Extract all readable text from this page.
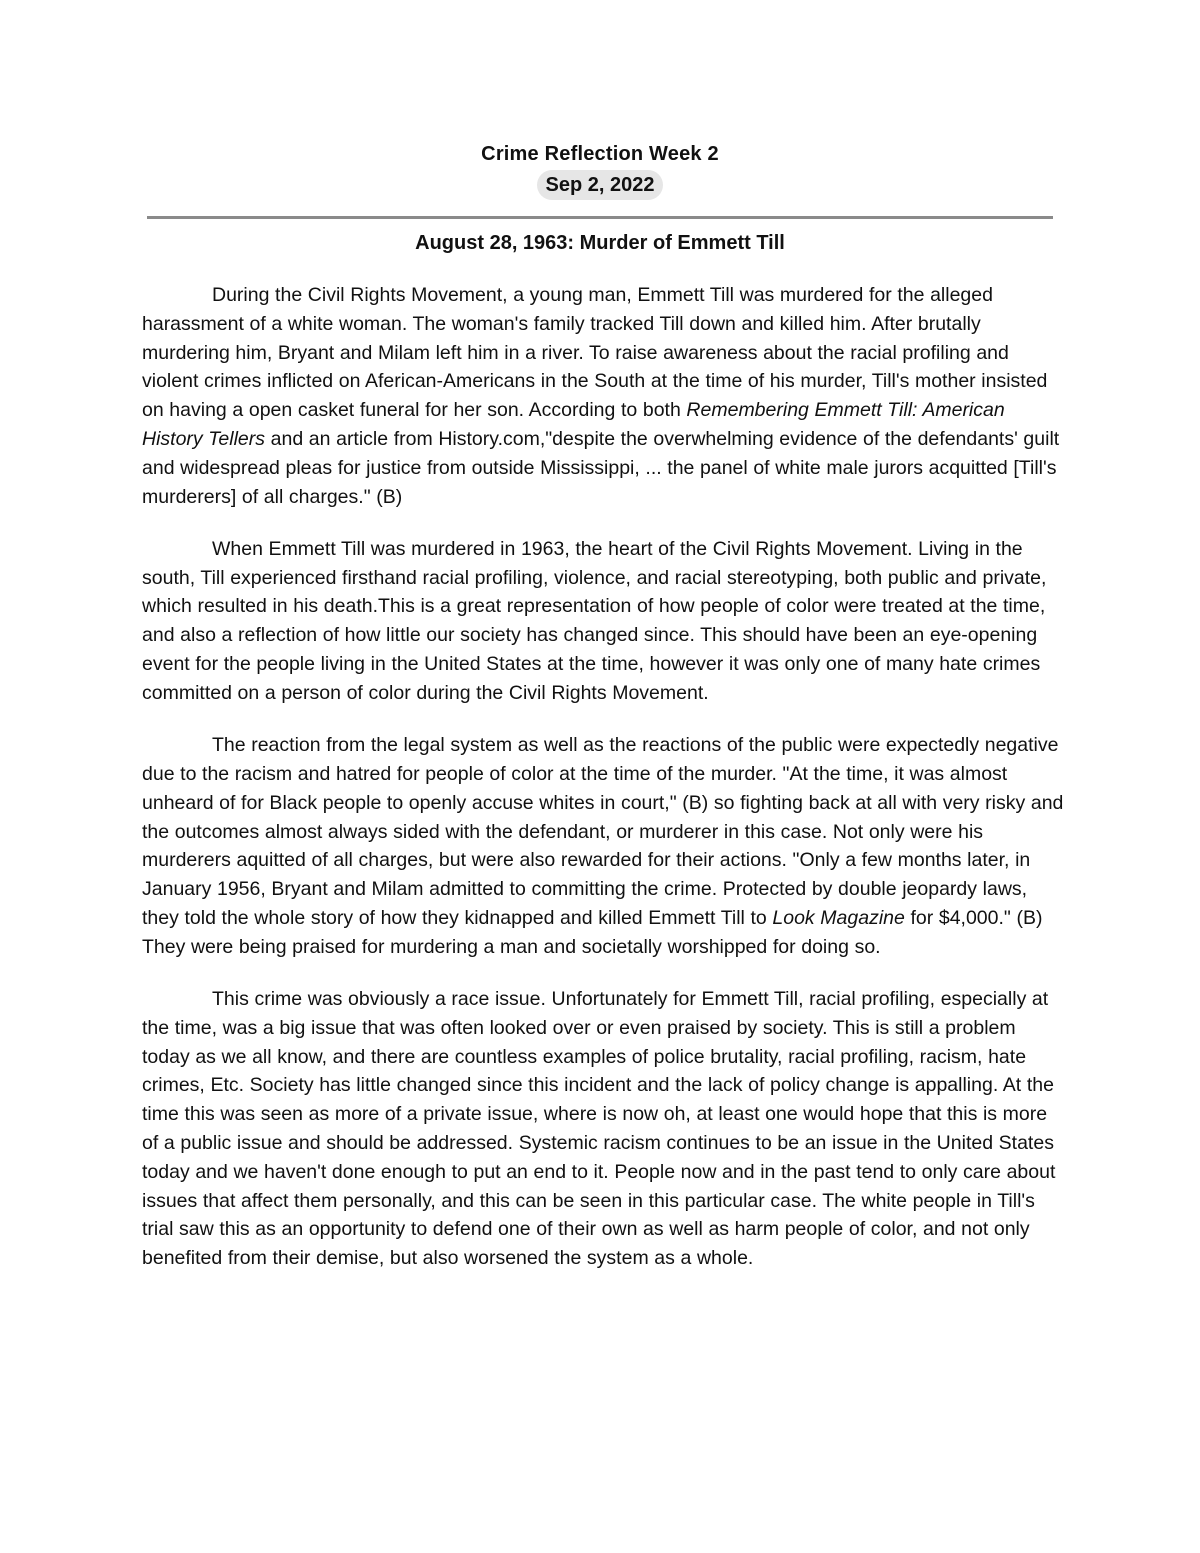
Crime Reflection Week 2
Sep 2, 2022
August 28, 1963: Murder of Emmett Till

During the Civil Rights Movement, a young man, Emmett Till was murdered for the alleged harassment of a white woman. The woman's family tracked Till down and killed him. After brutally murdering him, Bryant and Milam left him in a river. To raise awareness about the racial profiling and violent crimes inflicted on Aferican-Americans in the South at the time of his murder, Till's mother insisted on having a open casket funeral for her son. According to both Remembering Emmett Till: American History Tellers and an article from History.com,"despite the overwhelming evidence of the defendants' guilt and widespread pleas for justice from outside Mississippi, ... the panel of white male jurors acquitted [Till's murderers] of all charges." (B)

When Emmett Till was murdered in 1963, the heart of the Civil Rights Movement. Living in the south, Till experienced firsthand racial profiling, violence, and racial stereotyping, both public and private, which resulted in his death.This is a great representation of how people of color were treated at the time, and also a reflection of how little our society has changed since. This should have been an eye-opening event for the people living in the United States at the time, however it was only one of many hate crimes committed on a person of color during the Civil Rights Movement.

The reaction from the legal system as well as the reactions of the public were expectedly negative due to the racism and hatred for people of color at the time of the murder. "At the time, it was almost unheard of for Black people to openly accuse whites in court," (B) so fighting back at all with very risky and the outcomes almost always sided with the defendant, or murderer in this case. Not only were his murderers aquitted of all charges, but were also rewarded for their actions. "Only a few months later, in January 1956, Bryant and Milam admitted to committing the crime. Protected by double jeopardy laws, they told the whole story of how they kidnapped and killed Emmett Till to Look Magazine for $4,000." (B) They were being praised for murdering a man and societally worshipped for doing so.

This crime was obviously a race issue. Unfortunately for Emmett Till, racial profiling, especially at the time, was a big issue that was often looked over or even praised by society. This is still a problem today as we all know, and there are countless examples of police brutality, racial profiling, racism, hate crimes, Etc. Society has little changed since this incident and the lack of policy change is appalling. At the time this was seen as more of a private issue, where is now oh, at least one would hope that this is more of a public issue and should be addressed. Systemic racism continues to be an issue in the United States today and we haven't done enough to put an end to it. People now and in the past tend to only care about issues that affect them personally, and this can be seen in this particular case. The white people in Till's trial saw this as an opportunity to defend one of their own as well as harm people of color, and not only benefited from their demise, but also worsened the system as a whole.
